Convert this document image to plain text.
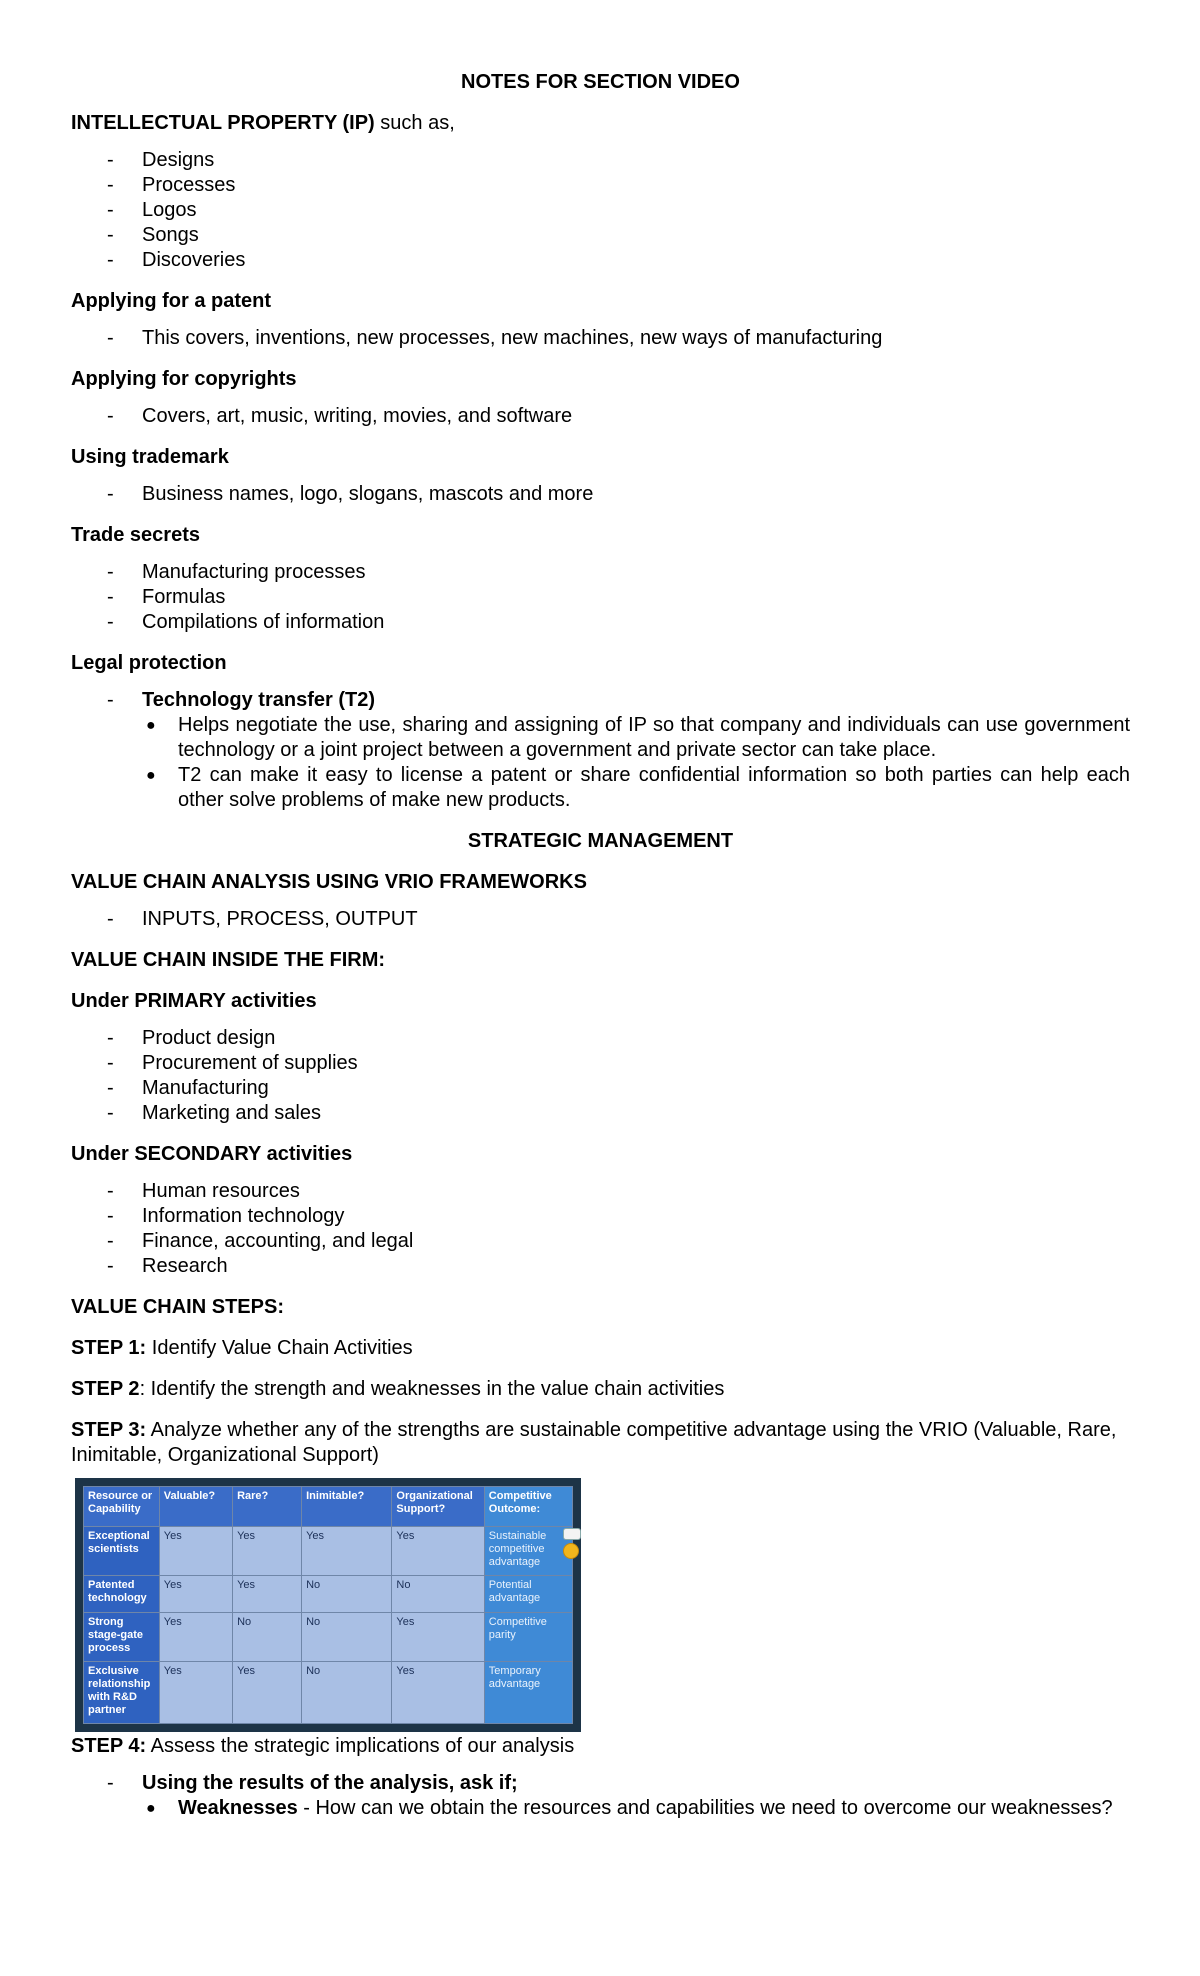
NOTES FOR SECTION VIDEO
INTELLECTUAL PROPERTY (IP) such as,
- Designs
- Processes
- Logos
- Songs
- Discoveries
Applying for a patent
- This covers, inventions, new processes, new machines, new ways of manufacturing
Applying for copyrights
- Covers, art, music, writing, movies, and software
Using trademark
- Business names, logo, slogans, mascots and more
Trade secrets
- Manufacturing processes
- Formulas
- Compilations of information
Legal protection
- Technology transfer (T2)
● Helps negotiate the use, sharing and assigning of IP so that company and individuals can use government technology or a joint project between a government and private sector can take place.
● T2 can make it easy to license a patent or share confidential information so both parties can help each other solve problems of make new products.
STRATEGIC MANAGEMENT
VALUE CHAIN ANALYSIS USING VRIO FRAMEWORKS
- INPUTS, PROCESS, OUTPUT
VALUE CHAIN INSIDE THE FIRM:
Under PRIMARY activities
- Product design
- Procurement of supplies
- Manufacturing
- Marketing and sales
Under SECONDARY activities
- Human resources
- Information technology
- Finance, accounting, and legal
- Research
VALUE CHAIN STEPS:
STEP 1: Identify Value Chain Activities
STEP 2: Identify the strength and weaknesses in the value chain activities
STEP 3: Analyze whether any of the strengths are sustainable competitive advantage using the VRIO (Valuable, Rare, Inimitable, Organizational Support)
Resource or Capability	Valuable?	Rare?	Inimitable?	Organizational Support?	Competitive Outcome:
Exceptional scientists	Yes	Yes	Yes	Yes	Sustainable competitive advantage
Patented technology	Yes	Yes	No	No	Potential advantage
Strong stage-gate process	Yes	No	No	Yes	Competitive parity
Exclusive relationship with R&D partner	Yes	Yes	No	Yes	Temporary advantage
STEP 4: Assess the strategic implications of our analysis
- Using the results of the analysis, ask if;
● Weaknesses - How can we obtain the resources and capabilities we need to overcome our weaknesses?
